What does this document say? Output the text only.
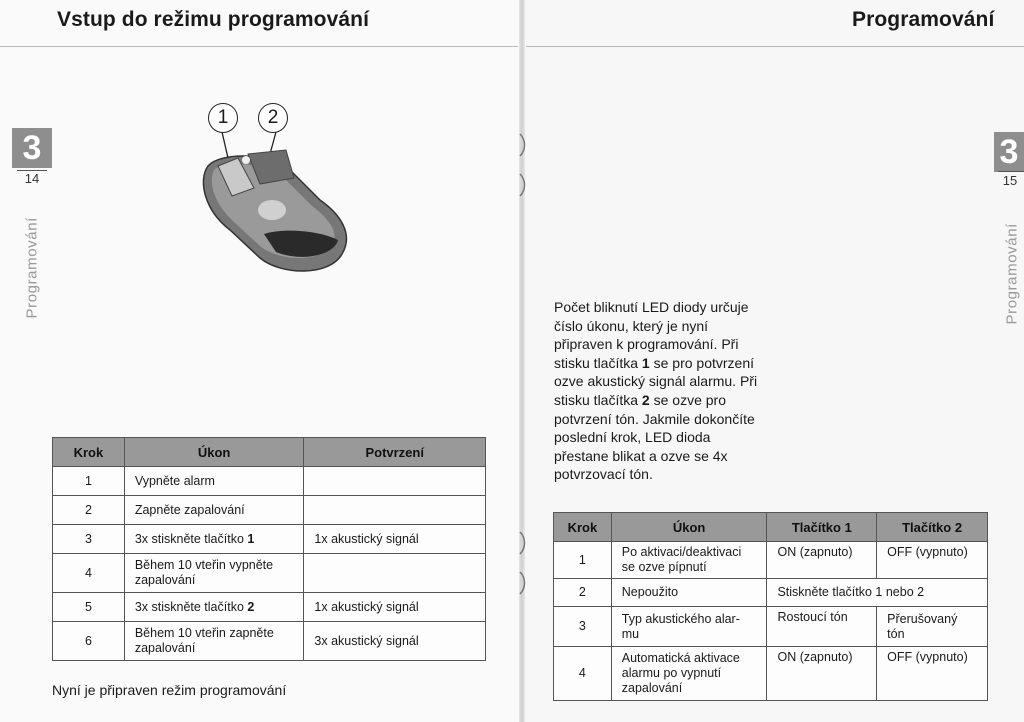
Vstup do režimu programování
3
14
Programování
1	2
Krok	Úkon	Potvrzení
1	Vypněte alarm	
2	Zapněte zapalování	
3	3x stiskněte tlačítko 1	1x akustický signál
4	Během 10 vteřin vypněte zapalování	
5	3x stiskněte tlačítko 2	1x akustický signál
6	Během 10 vteřin zapněte zapalování	3x akustický signál
Nyní je připraven režim programování
Programování
3
15
Programování
Počet bliknutí LED diody určuje číslo úkonu, který je nyní připraven k programování. Při stisku tlačítka 1 se pro potvrzení ozve akustický signál alarmu. Při stisku tlačítka 2 se ozve pro potvrzení tón. Jakmile dokončíte poslední krok, LED dioda přestane blikat a ozve se 4x potvrzovací tón.
Krok	Úkon	Tlačítko 1	Tlačítko 2
1	Po aktivaci/deaktivaci se ozve pípnutí	ON (zapnuto)	OFF (vypnuto)
2	Nepoužito	Stiskněte tlačítko 1 nebo 2	
3	Typ akustického alar-mu	Rostoucí tón	Přerušovaný tón
4	Automatická aktivace alarmu po vypnutí zapalování	ON (zapnuto)	OFF (vypnuto)
